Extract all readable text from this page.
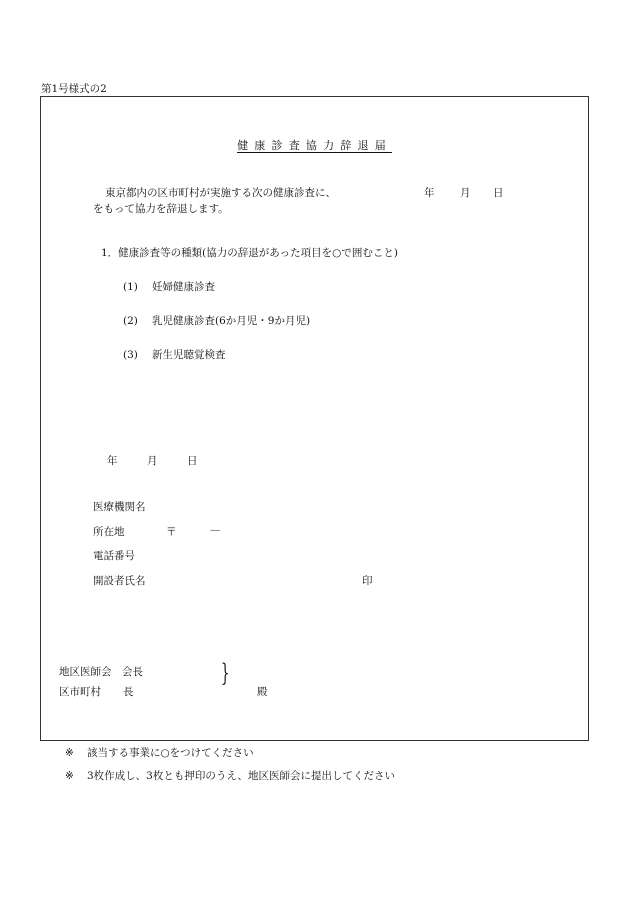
第1号様式の2
健康診査協力辞退届
東京都内の区市町村が実施する次の健康診査に、	年 月 日
をもって協力を辞退します。
1．健康診査等の種類(協力の辞退があった項目を○で囲むこと)
(1) 妊婦健康診査
(2) 乳児健康診査(6か月児・9か月児)
(3) 新生児聴覚検査
年	月	日
医療機関名
所在地	〒	—
電話番号
開設者氏名	印
地区医師会　会長
区市町村 長
}
殿
※ 該当する事業に○をつけてください
※ 3枚作成し、3枚とも押印のうえ、地区医師会に提出してください
